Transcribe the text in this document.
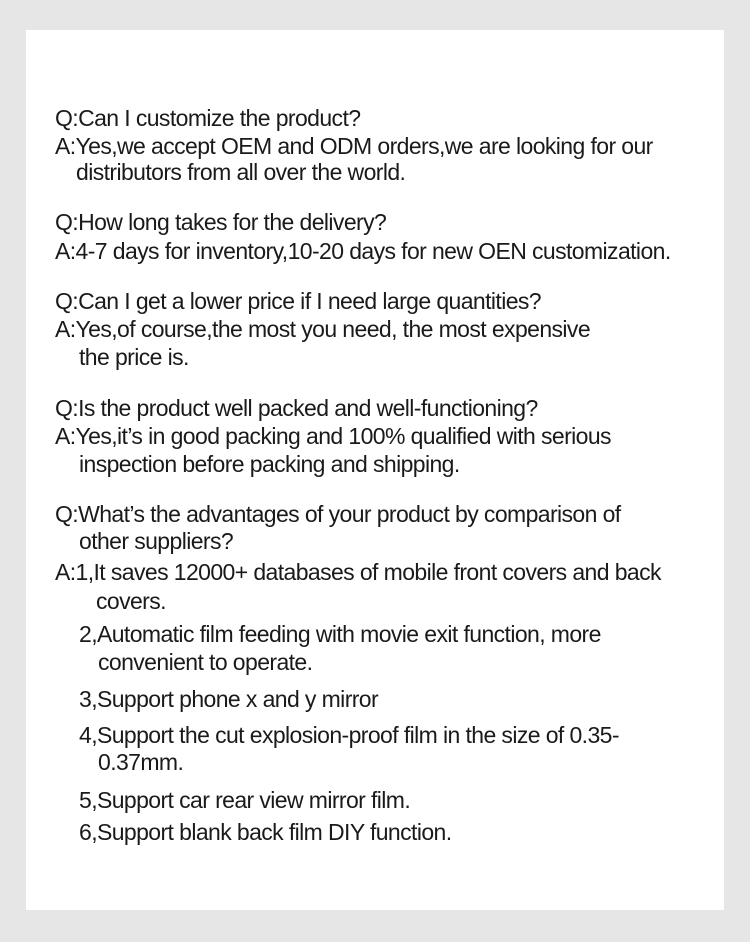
Q:Can I customize the product?
A:Yes,we accept OEM and ODM orders,we are looking for our
distributors from all over the world.
Q:How long takes for the delivery?
A:4-7 days for inventory,10-20 days for new OEN customization.
Q:Can I get a lower price if I need large quantities?
A:Yes,of course,the most you need, the most expensive
the price is.
Q:Is the product well packed and well-functioning?
A:Yes,it’s in good packing and 100% qualified with serious
inspection before packing and shipping.
Q:What’s the advantages of your product by comparison of
other suppliers?
A:1,It saves 12000+ databases of mobile front covers and back
covers.
2,Automatic film feeding with movie exit function, more
convenient to operate.
3,Support phone x and y mirror
4,Support the cut explosion-proof film in the size of 0.35-
0.37mm.
5,Support car rear view mirror film.
6,Support blank back film DIY function.
